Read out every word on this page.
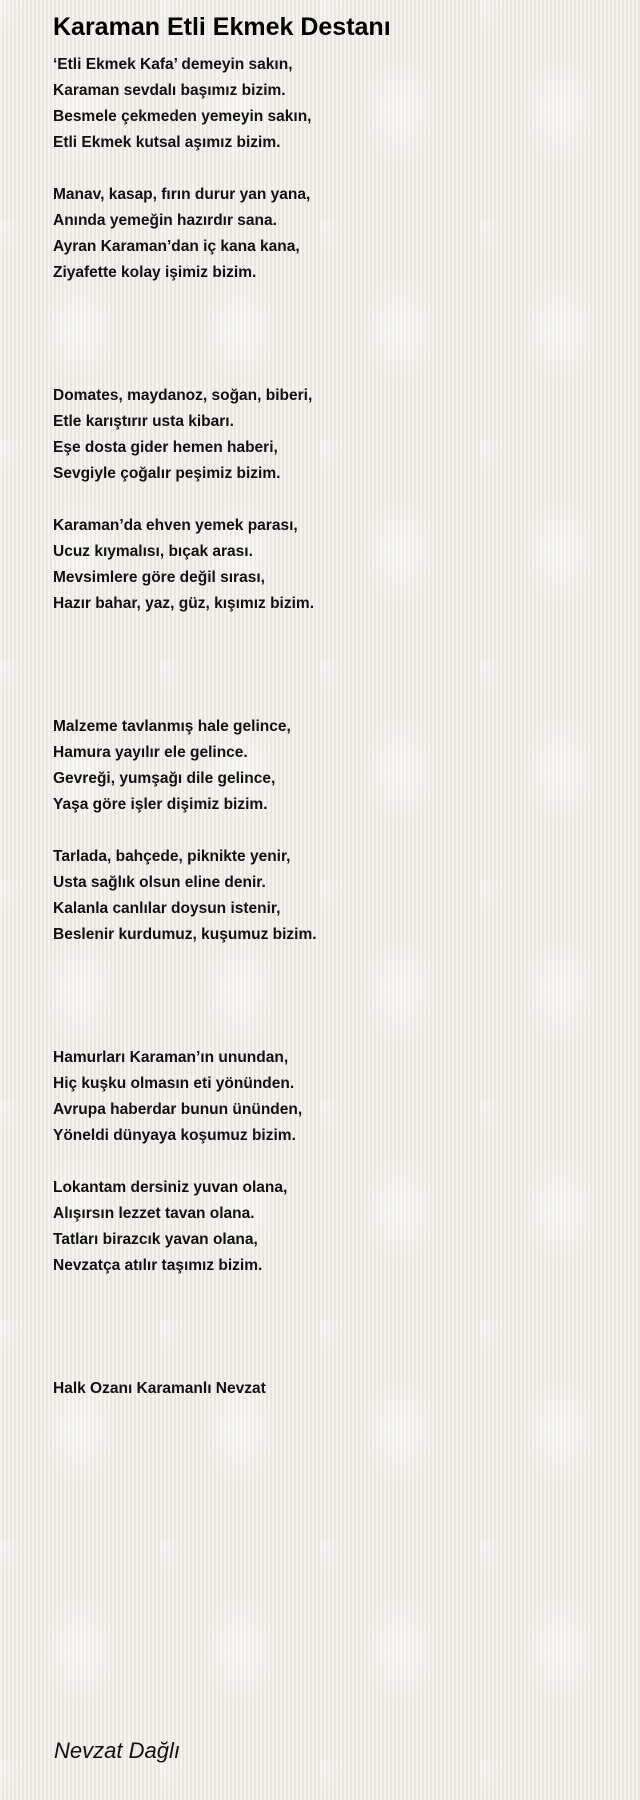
Karaman Etli Ekmek Destanı
‘Etli Ekmek Kafa’ demeyin sakın,
Karaman sevdalı başımız bizim.
Besmele çekmeden yemeyin sakın,
Etli Ekmek kutsal aşımız bizim.
Manav, kasap, fırın durur yan yana,
Anında yemeğin hazırdır sana.
Ayran Karaman’dan iç kana kana,
Ziyafette kolay işimiz bizim.
Domates, maydanoz, soğan, biberi,
Etle karıştırır usta kibarı.
Eşe dosta gider hemen haberi,
Sevgiyle çoğalır peşimiz bizim.
Karaman’da ehven yemek parası,
Ucuz kıymalısı, bıçak arası.
Mevsimlere göre değil sırası,
Hazır bahar, yaz, güz, kışımız bizim.
Malzeme tavlanmış hale gelince,
Hamura yayılır ele gelince.
Gevreği, yumşağı dile gelince,
Yaşa göre işler dişimiz bizim.
Tarlada, bahçede, piknikte yenir,
Usta sağlık olsun eline denir.
Kalanla canlılar doysun istenir,
Beslenir kurdumuz, kuşumuz bizim.
Hamurları Karaman’ın unundan,
Hiç kuşku olmasın eti yönünden.
Avrupa haberdar bunun ününden,
Yöneldi dünyaya koşumuz bizim.
Lokantam dersiniz yuvan olana,
Alışırsın lezzet tavan olana.
Tatları birazcık yavan olana,
Nevzatça atılır taşımız bizim.
Halk Ozanı Karamanlı Nevzat
Nevzat Dağlı
